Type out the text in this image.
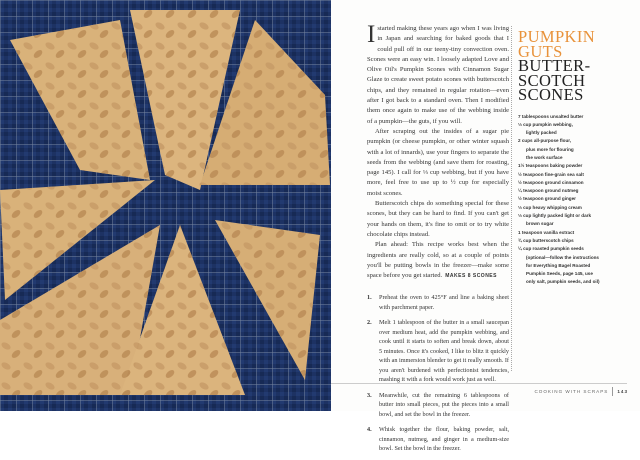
Istarted making these years ago when I was living in Japan and searching for baked goods that I could pull off in our teeny-tiny convection oven. Scones were an easy win. I loosely adapted Love and Olive Oil's Pumpkin Scones with Cinnamon Sugar Glaze to create sweet potato scones with butterscotch chips, and they remained in regular rotation—even after I got back to a standard oven. Then I modified them once again to make use of the webbing inside of a pumpkin—the guts, if you will.

After scraping out the insides of a sugar pie pumpkin (or cheese pumpkin, or other winter squash with a lot of innards), use your fingers to separate the seeds from the webbing (and save them for roasting, page 145). I call for ⅓ cup webbing, but if you have more, feel free to use up to ½ cup for especially moist scones.

Butterscotch chips do something special for these scones, but they can be hard to find. If you can't get your hands on them, it's fine to omit or to try white chocolate chips instead.

Plan ahead: This recipe works best when the ingredients are really cold, so at a couple of points you'll be putting bowls in the freezer—make some space before you get started. MAKES 8 SCONES

1. Preheat the oven to 425°F and line a baking sheet with parchment paper.
2. Melt 1 tablespoon of the butter in a small saucepan over medium heat, add the pumpkin webbing, and cook until it starts to soften and break down, about 5 minutes. Once it's cooked, I like to blitz it quickly with an immersion blender to get it really smooth. If you aren't burdened with perfectionist tendencies, mashing it with a fork would work just as well.
3. Meanwhile, cut the remaining 6 tablespoons of butter into small pieces, put the pieces into a small bowl, and set the bowl in the freezer.
4. Whisk together the flour, baking powder, salt, cinnamon, nutmeg, and ginger in a medium-size bowl. Set the bowl in the freezer.
PUMPKIN
GUTS
BUTTER-
SCOTCH
SCONES
7 tablespoons unsalted butter
⅓ cup pumpkin webbing,
lightly packed
2 cups all-purpose flour,
plus more for flouring
the work surface
1½ teaspoons baking powder
½ teaspoon fine-grain sea salt
½ teaspoon ground cinnamon
¼ teaspoon ground nutmeg
½ teaspoon ground ginger
⅓ cup heavy whipping cream
⅓ cup lightly packed light or dark
brown sugar
1 teaspoon vanilla extract
¾ cup butterscotch chips
¼ cup roasted pumpkin seeds
(optional—follow the instructions
for Everything Bagel Roasted
Pumpkin Seeds, page 145, use
only salt, pumpkin seeds, and oil)
COOKING WITH SCRAPS 143
